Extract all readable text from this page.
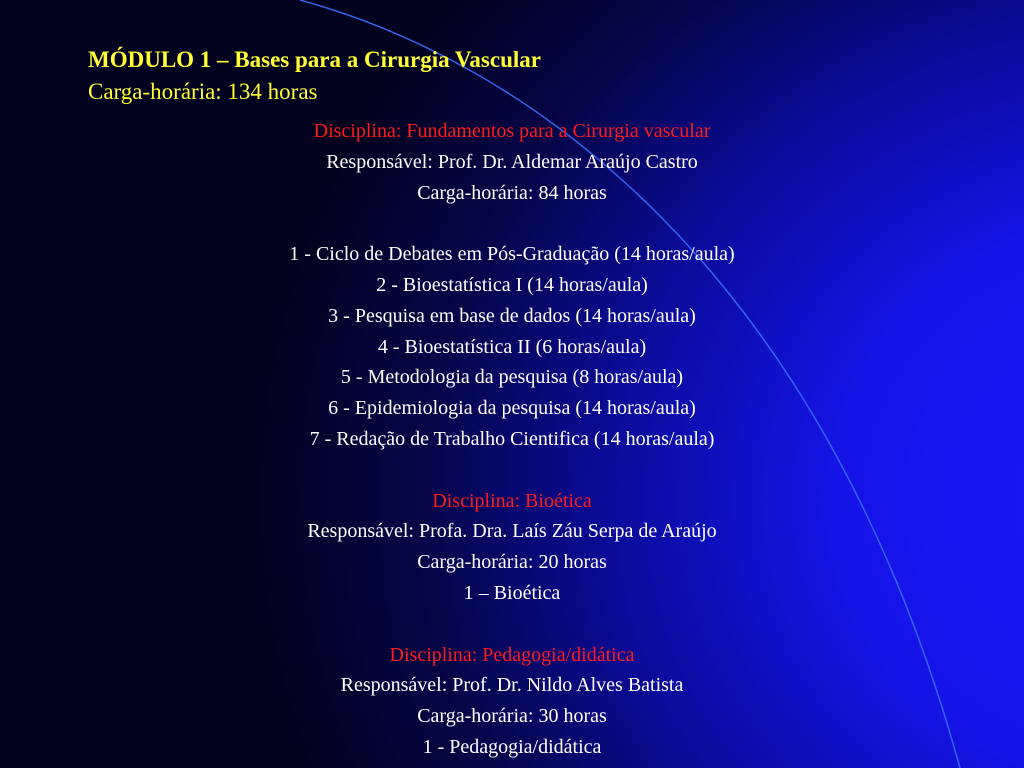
MÓDULO 1 – Bases para a Cirurgia Vascular
Carga-horária: 134 horas
Disciplina: Fundamentos para a Cirurgia vascular
Responsável: Prof. Dr. Aldemar Araújo Castro
Carga-horária: 84 horas
1 - Ciclo de Debates em Pós-Graduação (14 horas/aula)
2 - Bioestatística I (14 horas/aula)
3 - Pesquisa em base de dados (14 horas/aula)
4 - Bioestatística II (6 horas/aula)
5 - Metodologia da pesquisa (8 horas/aula)
6 - Epidemiologia da pesquisa (14 horas/aula)
7 - Redação de Trabalho Cientifica (14 horas/aula)
Disciplina: Bioética
Responsável: Profa. Dra. Laís Záu Serpa de Araújo
Carga-horária: 20 horas
1 – Bioética
Disciplina: Pedagogia/didática
Responsável: Prof. Dr. Nildo Alves Batista
Carga-horária: 30 horas
1 - Pedagogia/didática
